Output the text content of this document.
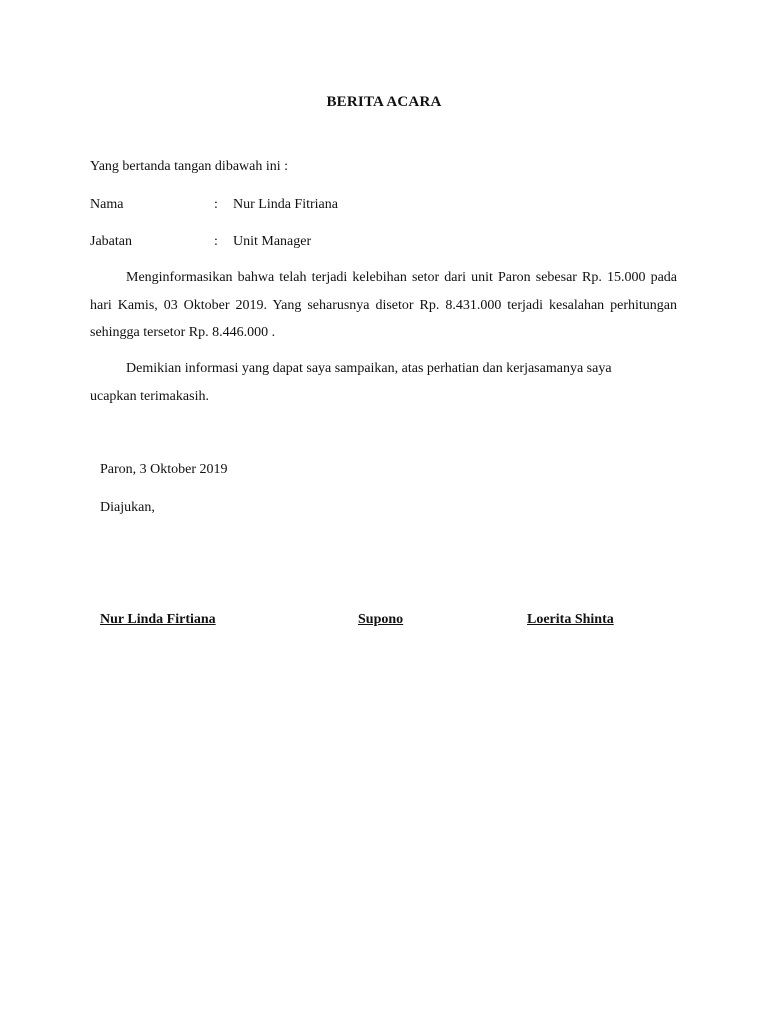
BERITA ACARA
Yang bertanda tangan dibawah ini :
Nama	: Nur Linda Fitriana
Jabatan	: Unit Manager

Menginformasikan bahwa telah terjadi kelebihan setor dari unit Paron sebesar Rp. 15.000 pada hari Kamis, 03 Oktober 2019. Yang seharusnya disetor Rp. 8.431.000 terjadi kesalahan perhitungan sehingga tersetor Rp. 8.446.000 .

Demikian informasi yang dapat saya sampaikan, atas perhatian dan kerjasamanya saya ucapkan terimakasih.

Paron, 3 Oktober 2019
Diajukan,
Nur Linda Firtiana	Supono	Loerita Shinta
